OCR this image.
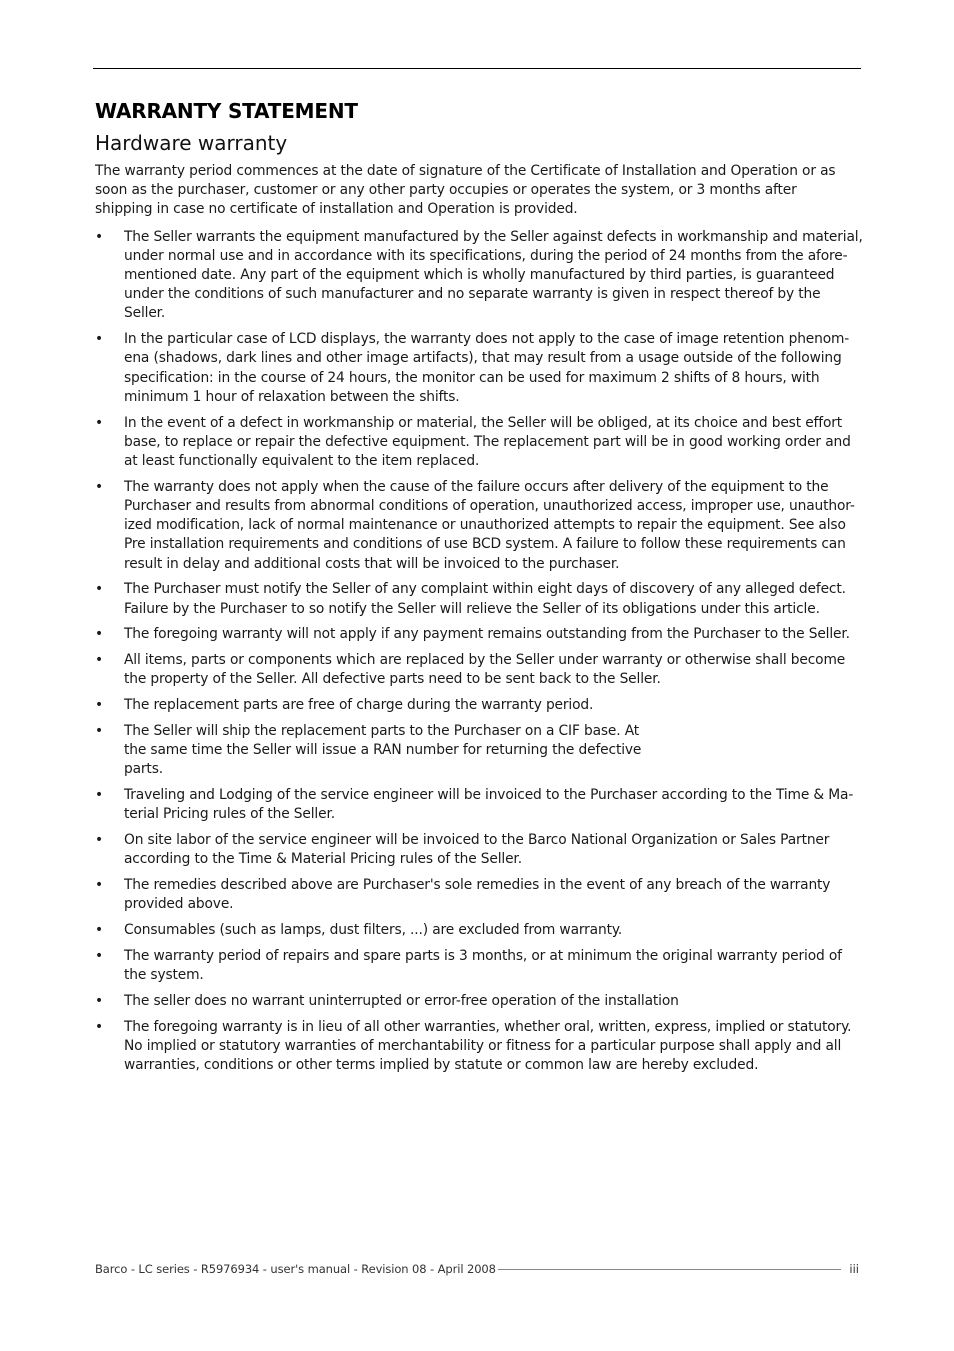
WARRANTY STATEMENT
Hardware warranty

The warranty period commences at the date of signature of the Certificate of Installation and Operation or as soon as the purchaser, customer or any other party occupies or operates the system, or 3 months after shipping in case no certificate of installation and Operation is provided.

• The Seller warrants the equipment manufactured by the Seller against defects in workmanship and material, under normal use and in accordance with its specifications, during the period of 24 months from the afore-mentioned date. Any part of the equipment which is wholly manufactured by third parties, is guaranteed under the conditions of such manufacturer and no separate warranty is given in respect thereof by the Seller.
• In the particular case of LCD displays, the warranty does not apply to the case of image retention phenom-ena (shadows, dark lines and other image artifacts), that may result from a usage outside of the following specification: in the course of 24 hours, the monitor can be used for maximum 2 shifts of 8 hours, with minimum 1 hour of relaxation between the shifts.
• In the event of a defect in workmanship or material, the Seller will be obliged, at its choice and best effort base, to replace or repair the defective equipment. The replacement part will be in good working order and at least functionally equivalent to the item replaced.
• The warranty does not apply when the cause of the failure occurs after delivery of the equipment to the Purchaser and results from abnormal conditions of operation, unauthorized access, improper use, unauthor-ized modification, lack of normal maintenance or unauthorized attempts to repair the equipment. See also Pre installation requirements and conditions of use BCD system. A failure to follow these requirements can result in delay and additional costs that will be invoiced to the purchaser.
• The Purchaser must notify the Seller of any complaint within eight days of discovery of any alleged defect. Failure by the Purchaser to so notify the Seller will relieve the Seller of its obligations under this article.
• The foregoing warranty will not apply if any payment remains outstanding from the Purchaser to the Seller.
• All items, parts or components which are replaced by the Seller under warranty or otherwise shall become the property of the Seller. All defective parts need to be sent back to the Seller.
• The replacement parts are free of charge during the warranty period.
• The Seller will ship the replacement parts to the Purchaser on a CIF base. At the same time the Seller will issue a RAN number for returning the defective parts.
• Traveling and Lodging of the service engineer will be invoiced to the Purchaser according to the Time & Ma-terial Pricing rules of the Seller.
• On site labor of the service engineer will be invoiced to the Barco National Organization or Sales Partner according to the Time & Material Pricing rules of the Seller.
• The remedies described above are Purchaser's sole remedies in the event of any breach of the warranty provided above.
• Consumables (such as lamps, dust filters, ...) are excluded from warranty.
• The warranty period of repairs and spare parts is 3 months, or at minimum the original warranty period of the system.
• The seller does no warrant uninterrupted or error-free operation of the installation
• The foregoing warranty is in lieu of all other warranties, whether oral, written, express, implied or statutory. No implied or statutory warranties of merchantability or fitness for a particular purpose shall apply and all warranties, conditions or other terms implied by statute or common law are hereby excluded.
Barco - LC series - R5976934 - user's manual - Revision 08 - April 2008	iii
